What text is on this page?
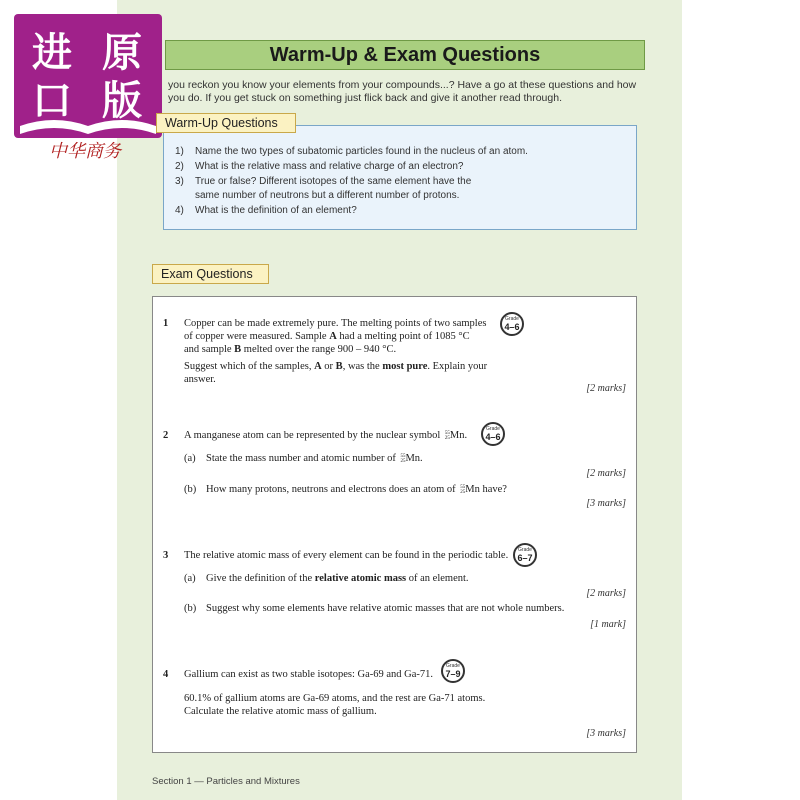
进 原
口 版
中华商务
Warm-Up & Exam Questions
you reckon you know your elements from your compounds...? Have a go at these questions and how you do. If you get stuck on something just flick back and give it another read through.
Warm-Up Questions
1)	Name the two types of subatomic particles found in the nucleus of an atom.
2)	What is the relative mass and relative charge of an electron?
3)	True or false? Different isotopes of the same element have the same number of neutrons but a different number of protons.
4)	What is the definition of an element?
Exam Questions
1 Copper can be made extremely pure. The melting points of two samples
of copper were measured. Sample A had a melting point of 1085 °C
and sample B melted over the range 900 – 940 °C.
Suggest which of the samples, A or B, was the most pure. Explain your answer.
Grade
4–6
[2 marks]
2 A manganese atom can be represented by the nuclear symbol 55
25 Mn.
Grade
4–6
(a) State the mass number and atomic number of 55
25 Mn.
[2 marks]
(b) How many protons, neutrons and electrons does an atom of 55
25 Mn have?
[3 marks]
3 The relative atomic mass of every element can be found in the periodic table.	Grade
6–7
(a) Give the definition of the relative atomic mass of an element.
[2 marks]
(b) Suggest why some elements have relative atomic masses that are not whole numbers.
[1 mark]
4 Gallium can exist as two stable isotopes: Ga-69 and Ga-71.
Grade
7–9
60.1% of gallium atoms are Ga-69 atoms, and the rest are Ga-71 atoms.
Calculate the relative atomic mass of gallium.
[3 marks]
Section 1 — Particles and Mixtures
